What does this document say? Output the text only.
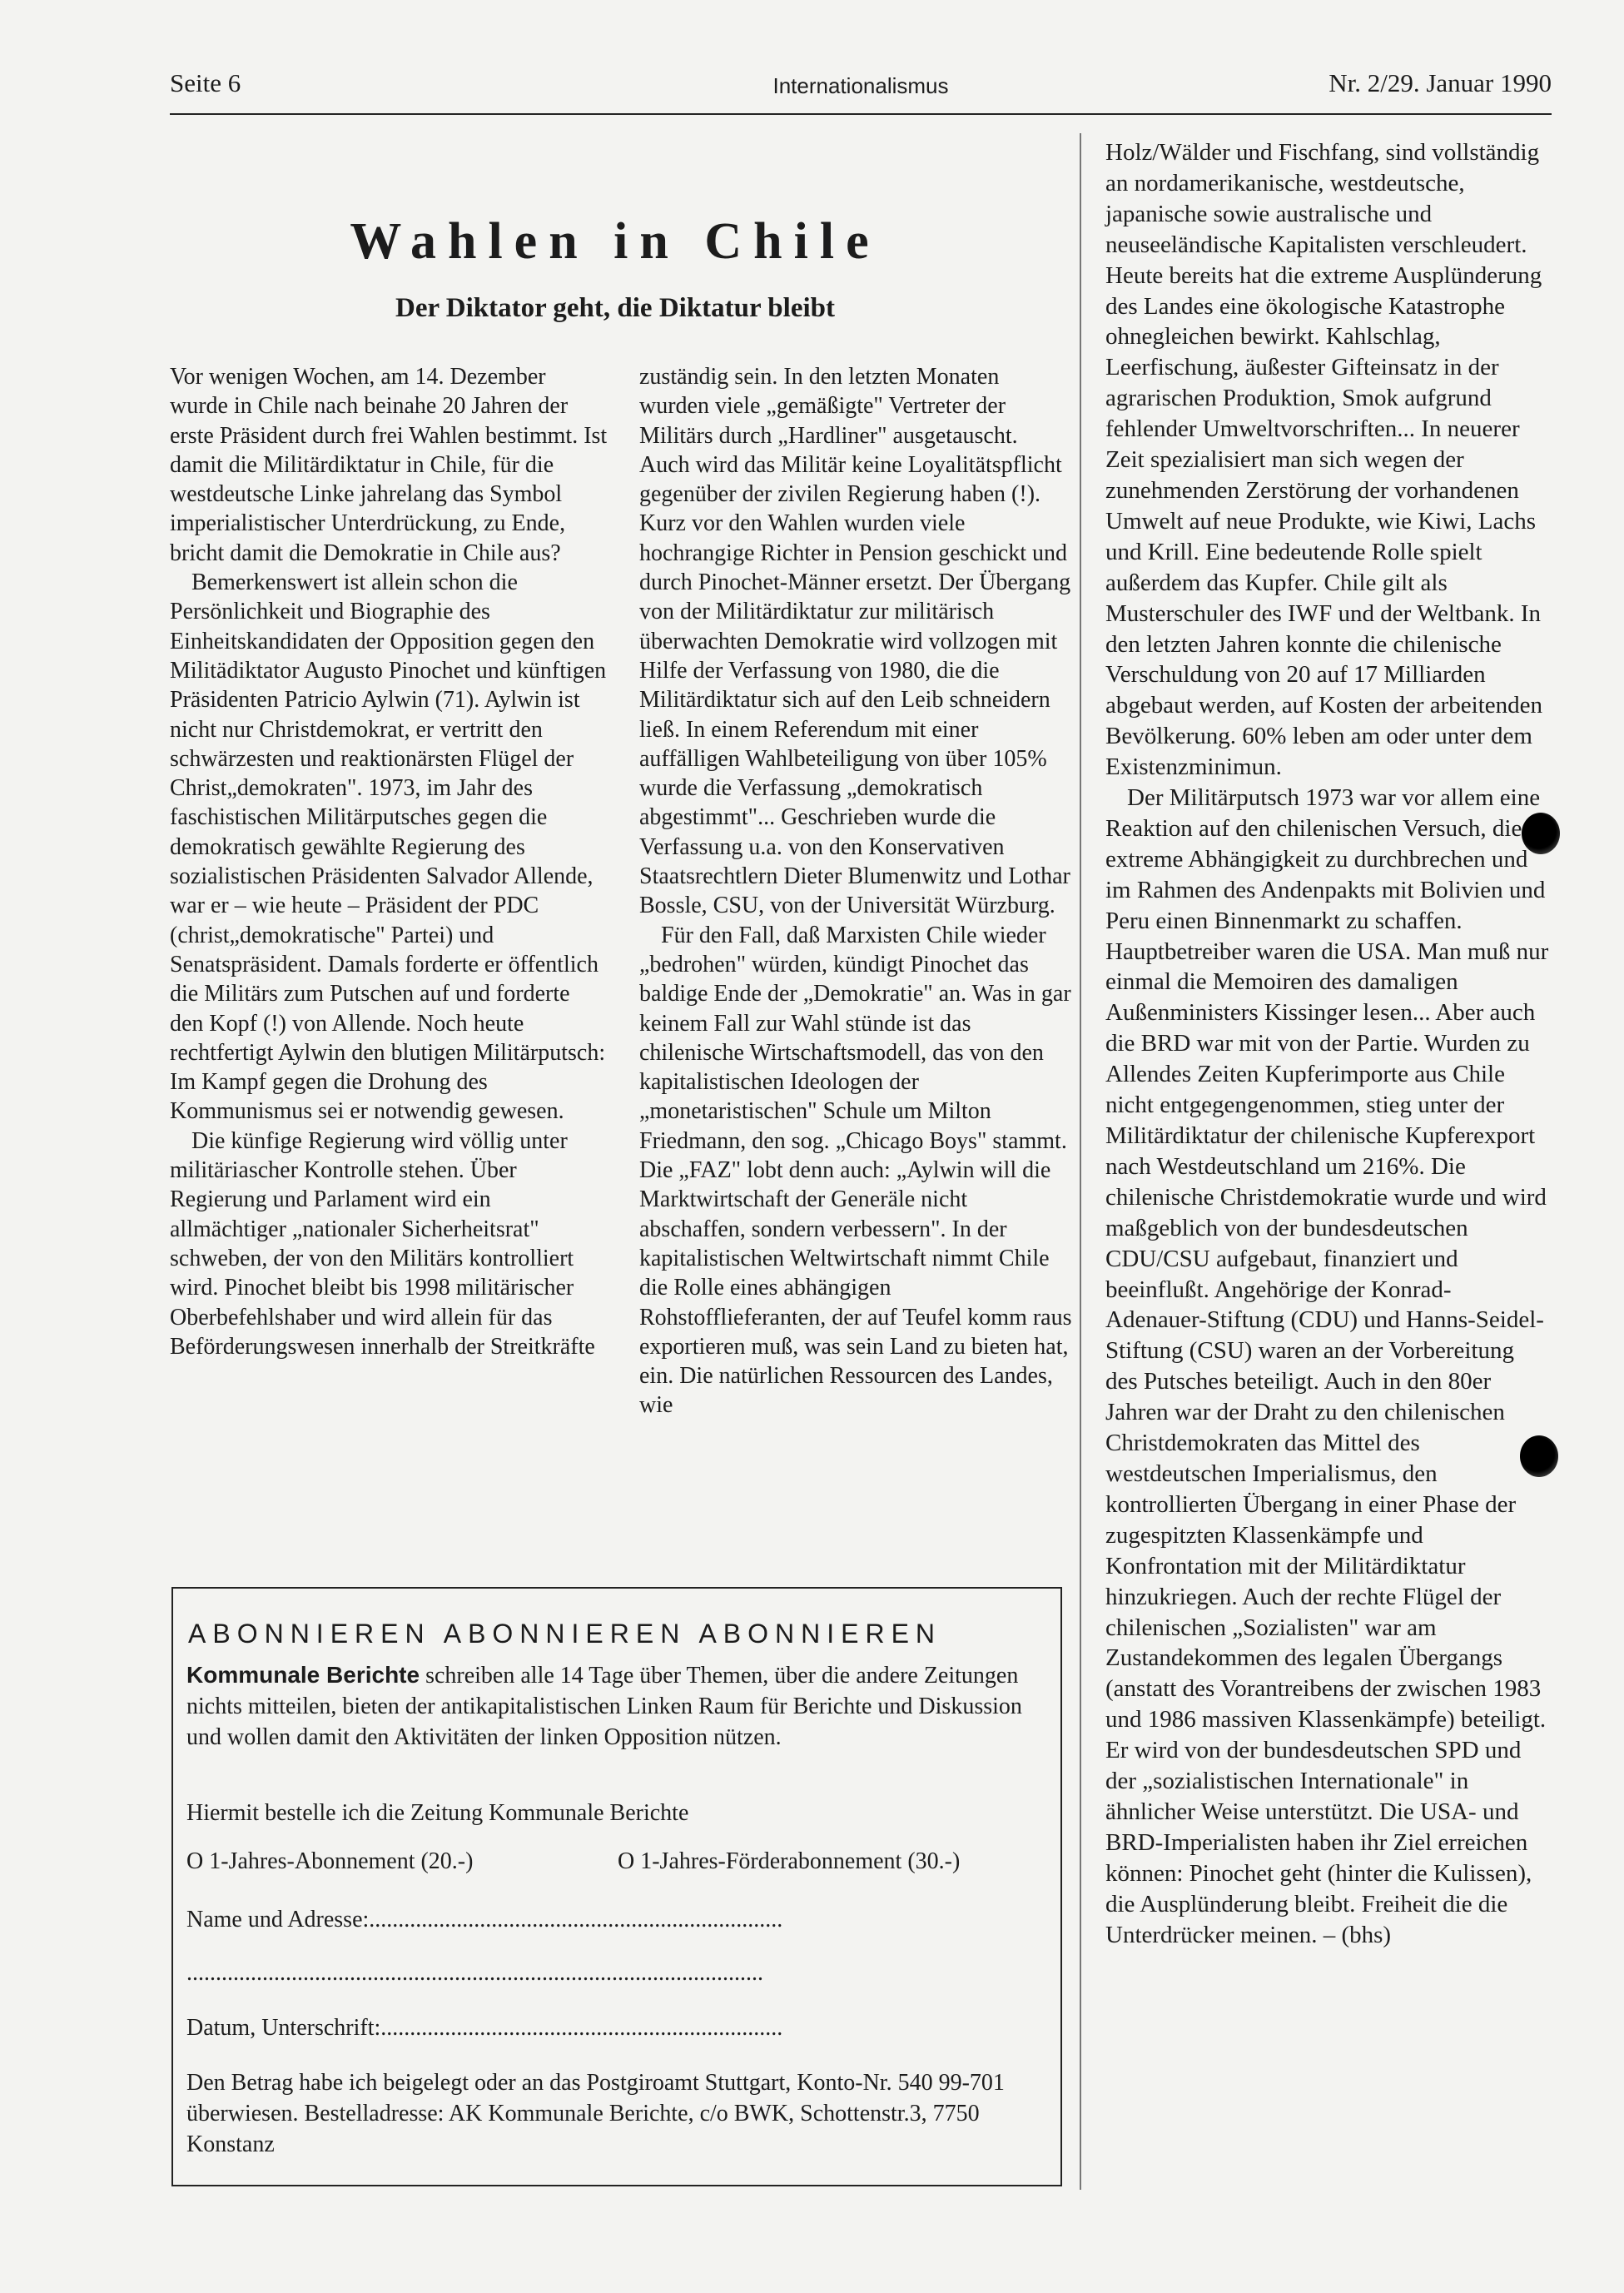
Seite 6	Internationalismus	Nr. 2/29. Januar 1990
Wahlen in Chile
Der Diktator geht, die Diktatur bleibt

Vor wenigen Wochen, am 14. Dezember wurde in Chile nach beinahe 20 Jahren der erste Präsident durch frei Wahlen bestimmt. Ist damit die Militärdiktatur in Chile, für die westdeutsche Linke jahrelang das Symbol imperialistischer Unterdrückung, zu Ende, bricht damit die Demokratie in Chile aus?

Bemerkenswert ist allein schon die Persönlichkeit und Biographie des Einheitskandidaten der Opposition gegen den Militädiktator Augusto Pinochet und künftigen Präsidenten Patricio Aylwin (71). Aylwin ist nicht nur Christdemokrat, er vertritt den schwärzesten und reaktionärsten Flügel der Christ„demokraten". 1973, im Jahr des faschistischen Militärputsches gegen die demokratisch gewählte Regierung des sozialistischen Präsidenten Salvador Allende, war er – wie heute – Präsident der PDC (christ„demokratische" Partei) und Senatspräsident. Damals forderte er öffentlich die Militärs zum Putschen auf und forderte den Kopf (!) von Allende. Noch heute rechtfertigt Aylwin den blutigen Militärputsch: Im Kampf gegen die Drohung des Kommunismus sei er notwendig gewesen.

Die künfige Regierung wird völlig unter militäriascher Kontrolle stehen. Über Regierung und Parlament wird ein allmächtiger „nationaler Sicherheitsrat" schweben, der von den Militärs kontrolliert wird. Pinochet bleibt bis 1998 militärischer Oberbefehlshaber und wird allein für das Beförderungswesen innerhalb der Streitkräfte

zuständig sein. In den letzten Monaten wurden viele „gemäßigte" Vertreter der Militärs durch „Hardliner" ausgetauscht. Auch wird das Militär keine Loyalitätspflicht gegenüber der zivilen Regierung haben (!). Kurz vor den Wahlen wurden viele hochrangige Richter in Pension geschickt und durch Pinochet-Männer ersetzt. Der Übergang von der Militärdiktatur zur militärisch überwachten Demokratie wird vollzogen mit Hilfe der Verfassung von 1980, die die Militärdiktatur sich auf den Leib schneidern ließ. In einem Referendum mit einer auffälligen Wahlbeteiligung von über 105% wurde die Verfassung „demokratisch abgestimmt"... Geschrieben wurde die Verfassung u.a. von den Konservativen Staatsrechtlern Dieter Blumenwitz und Lothar Bossle, CSU, von der Universität Würzburg.

Für den Fall, daß Marxisten Chile wieder „bedrohen" würden, kündigt Pinochet das baldige Ende der „Demokratie" an. Was in gar keinem Fall zur Wahl stünde ist das chilenische Wirtschaftsmodell, das von den kapitalistischen Ideologen der „monetaristischen" Schule um Milton Friedmann, den sog. „Chicago Boys" stammt. Die „FAZ" lobt denn auch: „Aylwin will die Marktwirtschaft der Generäle nicht abschaffen, sondern verbessern". In der kapitalistischen Weltwirtschaft nimmt Chile die Rolle eines abhängigen Rohstofflieferanten, der auf Teufel komm raus exportieren muß, was sein Land zu bieten hat, ein. Die natürlichen Ressourcen des Landes, wie

Holz/Wälder und Fischfang, sind vollständig an nordamerikanische, westdeutsche, japanische sowie australische und neuseeländische Kapitalisten verschleudert. Heute bereits hat die extreme Ausplünderung des Landes eine ökologische Katastrophe ohnegleichen bewirkt. Kahlschlag, Leerfischung, äußester Gifteinsatz in der agrarischen Produktion, Smok aufgrund fehlender Umweltvorschriften... In neuerer Zeit spezialisiert man sich wegen der zunehmenden Zerstörung der vorhandenen Umwelt auf neue Produkte, wie Kiwi, Lachs und Krill. Eine bedeutende Rolle spielt außerdem das Kupfer. Chile gilt als Musterschuler des IWF und der Weltbank. In den letzten Jahren konnte die chilenische Verschuldung von 20 auf 17 Milliarden abgebaut werden, auf Kosten der arbeitenden Bevölkerung. 60% leben am oder unter dem Existenzminimun.

Der Militärputsch 1973 war vor allem eine Reaktion auf den chilenischen Versuch, die extreme Abhängigkeit zu durchbrechen und im Rahmen des Andenpakts mit Bolivien und Peru einen Binnenmarkt zu schaffen. Hauptbetreiber waren die USA. Man muß nur einmal die Memoiren des damaligen Außenministers Kissinger lesen... Aber auch die BRD war mit von der Partie. Wurden zu Allendes Zeiten Kupferimporte aus Chile nicht entgegengenommen, stieg unter der Militärdiktatur der chilenische Kupferexport nach Westdeutschland um 216%. Die chilenische Christdemokratie wurde und wird maßgeblich von der bundesdeutschen CDU/CSU aufgebaut, finanziert und beeinflußt. Angehörige der Konrad-Adenauer-Stiftung (CDU) und Hanns-Seidel-Stiftung (CSU) waren an der Vorbereitung des Putsches beteiligt. Auch in den 80er Jahren war der Draht zu den chilenischen Christdemokraten das Mittel des westdeutschen Imperialismus, den kontrollierten Übergang in einer Phase der zugespitzten Klassenkämpfe und Konfrontation mit der Militärdiktatur hinzukriegen. Auch der rechte Flügel der chilenischen „Sozialisten" war am Zustandekommen des legalen Übergangs (anstatt des Vorantreibens der zwischen 1983 und 1986 massiven Klassenkämpfe) beteiligt. Er wird von der bundesdeutschen SPD und der „sozialistischen Internationale" in ähnlicher Weise unterstützt. Die USA- und BRD-Imperialisten haben ihr Ziel erreichen können: Pinochet geht (hinter die Kulissen), die Ausplünderung bleibt. Freiheit die die Unterdrücker meinen. – (bhs)

ABONNIEREN ABONNIEREN ABONNIEREN
Kommunale Berichte schreiben alle 14 Tage über Themen, über die andere Zeitungen nichts mitteilen, bieten der antikapitalistischen Linken Raum für Berichte und Diskussion und wollen damit den Aktivitäten der linken Opposition nützen.
Hiermit bestelle ich die Zeitung Kommunale Berichte
O 1-Jahres-Abonnement (20.-)	O 1-Jahres-Förderabonnement (30.-)
Name und Adresse:.......................................................................
...................................................................................................
Datum, Unterschrift:.....................................................................
Den Betrag habe ich beigelegt oder an das Postgiroamt Stuttgart, Konto-Nr. 540 99-701 überwiesen. Bestelladresse: AK Kommunale Berichte, c/o BWK, Schottenstr.3, 7750 Konstanz
